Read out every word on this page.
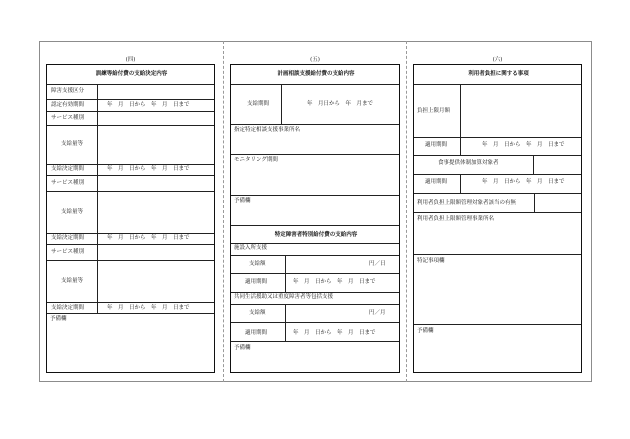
(四)
訓練等給付費の支給決定内容
障害支援区分
認定有効期間	年　月　日から　年　月　日まで
サービス種別
支給量等
支給決定期間	年　月　日から　年　月　日まで
サービス種別
支給量等
支給決定期間	年　月　日から　年　月　日まで
サービス種別
支給量等
支給決定期間	年　月　日から　年　月　日まで
予備欄
(五)
計画相談支援給付費の支給内容
支給期間	年　月日から　年　月まで
指定特定相談支援事業所名
モニタリング期間
予備欄
特定障害者特別給付費の支給内容
施設入所支援
支給額	円／日
適用期間	年　月　日から　年　月　日まで
共同生活援助又は重度障害者等包括支援
支給額	円／月
適用期間	年　月　日から　年　月　日まで
予備欄
(六)
利用者負担に関する事項
負担上限月額
適用期間	年　月　日から　年　月　日まで
食事提供体制加算対象者
適用期間	年　月　日から　年　月　日まで
利用者負担上限額管理対象者該当の有無
利用者負担上限額管理事業所名
特記事項欄
予備欄
